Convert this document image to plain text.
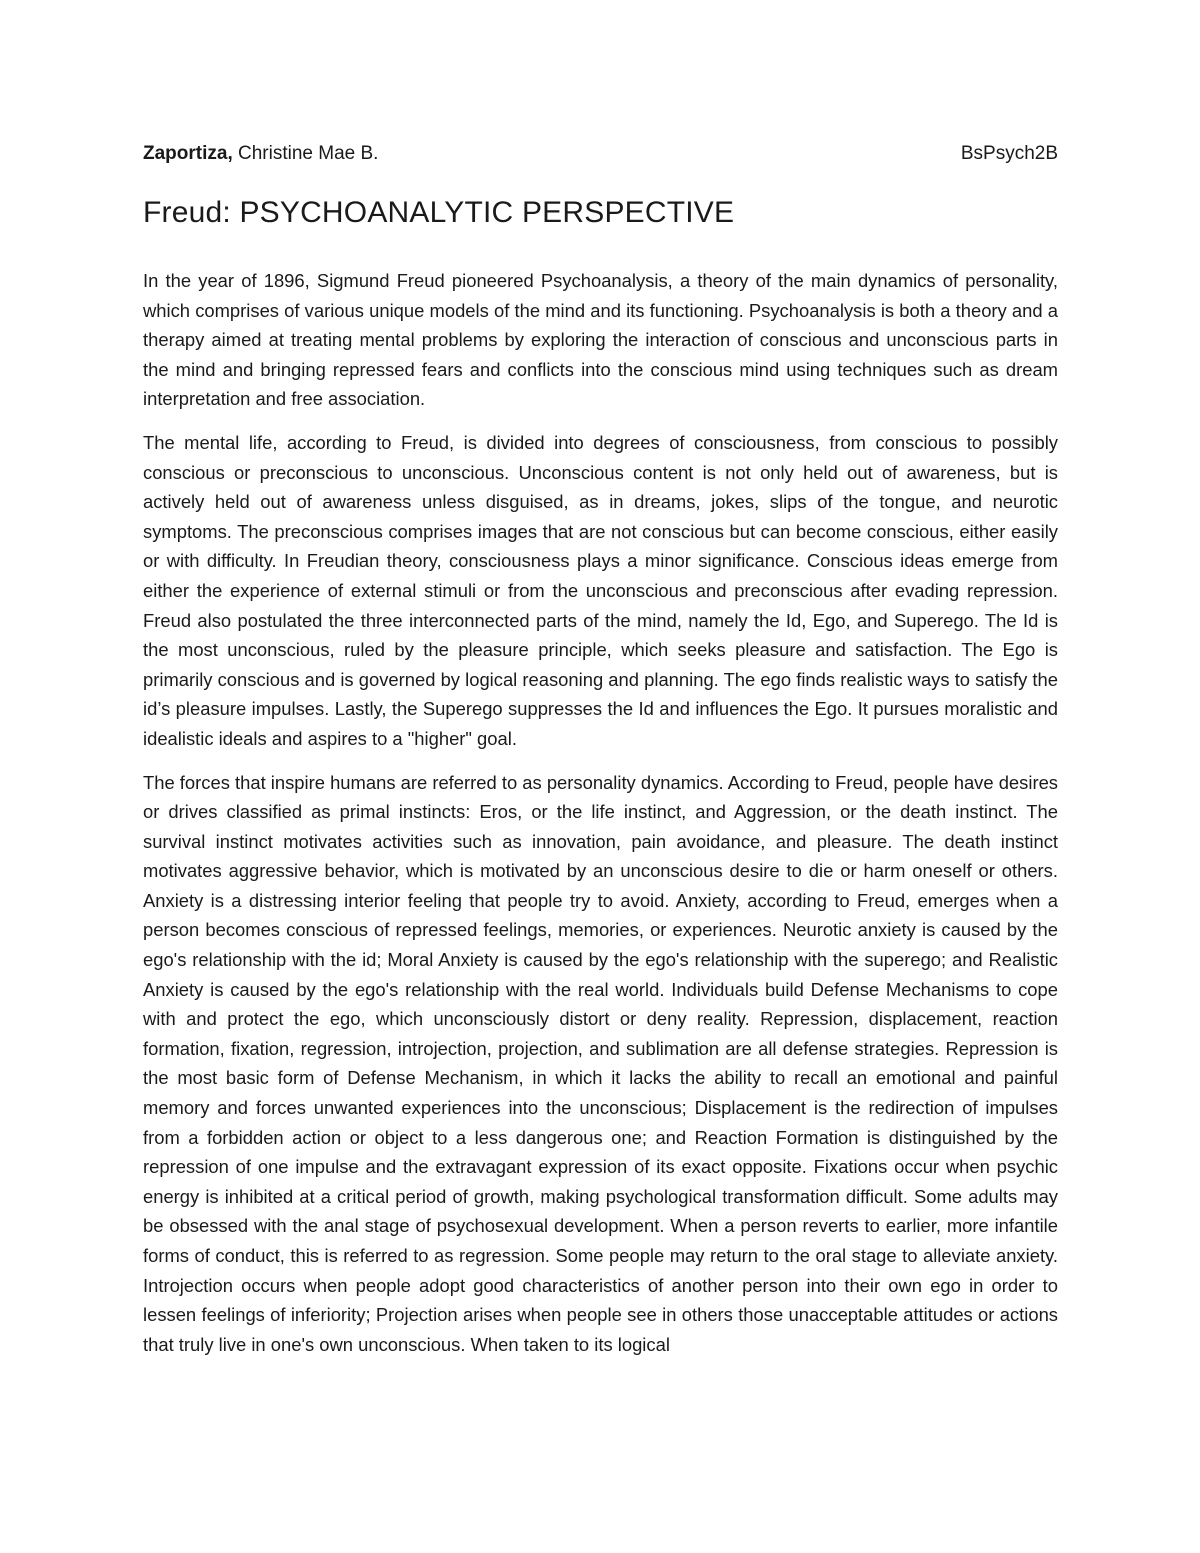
Zaportiza, Christine Mae B.	BsPsych2B
Freud: PSYCHOANALYTIC PERSPECTIVE

In the year of 1896, Sigmund Freud pioneered Psychoanalysis, a theory of the main dynamics of personality, which comprises of various unique models of the mind and its functioning. Psychoanalysis is both a theory and a therapy aimed at treating mental problems by exploring the interaction of conscious and unconscious parts in the mind and bringing repressed fears and conflicts into the conscious mind using techniques such as dream interpretation and free association.

The mental life, according to Freud, is divided into degrees of consciousness, from conscious to possibly conscious or preconscious to unconscious. Unconscious content is not only held out of awareness, but is actively held out of awareness unless disguised, as in dreams, jokes, slips of the tongue, and neurotic symptoms. The preconscious comprises images that are not conscious but can become conscious, either easily or with difficulty. In Freudian theory, consciousness plays a minor significance. Conscious ideas emerge from either the experience of external stimuli or from the unconscious and preconscious after evading repression. Freud also postulated the three interconnected parts of the mind, namely the Id, Ego, and Superego. The Id is the most unconscious, ruled by the pleasure principle, which seeks pleasure and satisfaction. The Ego is primarily conscious and is governed by logical reasoning and planning. The ego finds realistic ways to satisfy the id’s pleasure impulses. Lastly, the Superego suppresses the Id and influences the Ego. It pursues moralistic and idealistic ideals and aspires to a "higher" goal.

The forces that inspire humans are referred to as personality dynamics. According to Freud, people have desires or drives classified as primal instincts: Eros, or the life instinct, and Aggression, or the death instinct. The survival instinct motivates activities such as innovation, pain avoidance, and pleasure. The death instinct motivates aggressive behavior, which is motivated by an unconscious desire to die or harm oneself or others. Anxiety is a distressing interior feeling that people try to avoid. Anxiety, according to Freud, emerges when a person becomes conscious of repressed feelings, memories, or experiences. Neurotic anxiety is caused by the ego's relationship with the id; Moral Anxiety is caused by the ego's relationship with the superego; and Realistic Anxiety is caused by the ego's relationship with the real world. Individuals build Defense Mechanisms to cope with and protect the ego, which unconsciously distort or deny reality. Repression, displacement, reaction formation, fixation, regression, introjection, projection, and sublimation are all defense strategies. Repression is the most basic form of Defense Mechanism, in which it lacks the ability to recall an emotional and painful memory and forces unwanted experiences into the unconscious; Displacement is the redirection of impulses from a forbidden action or object to a less dangerous one; and Reaction Formation is distinguished by the repression of one impulse and the extravagant expression of its exact opposite. Fixations occur when psychic energy is inhibited at a critical period of growth, making psychological transformation difficult. Some adults may be obsessed with the anal stage of psychosexual development. When a person reverts to earlier, more infantile forms of conduct, this is referred to as regression. Some people may return to the oral stage to alleviate anxiety. Introjection occurs when people adopt good characteristics of another person into their own ego in order to lessen feelings of inferiority; Projection arises when people see in others those unacceptable attitudes or actions that truly live in one's own unconscious. When taken to its logical
